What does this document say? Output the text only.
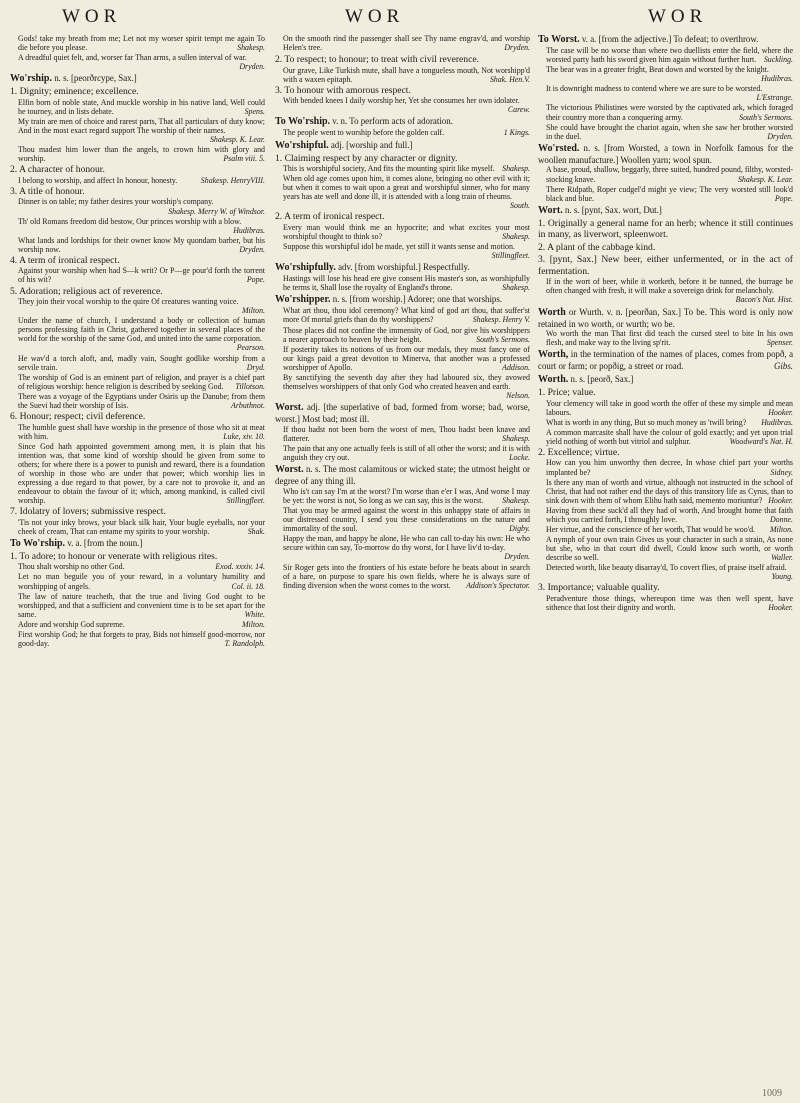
WOR	WOR	WOR
Gods! take my breath from me; Let not my worser spirit tempt me again To die before you please.	Shakesp.
A dreadful quiet felt, and, worser far Than arms, a sullen interval of war.
Dryden.
Wo'rship. n. s. [peorðrcype, Sax.]
1. Dignity; eminence; excellence.
Elfin born of noble state, And muckle worship in his native land, Well could he tourney, and in lists debate.	Spens.
My train are men of choice and rarest parts, That all particulars of duty know; And in the most exact regard support The worship of their names.
Shakesp. K. Lear.
Thou madest him lower than the angels, to crown him with glory and worship.	Psalm viii. 5.
2. A character of honour.
I belong to worship, and affect In honour, honesty.	Shakesp. HenryVIII.
3. A title of honour.
Dinner is on table; my father desires your worship's company.
Shakesp. Merry W. of Windsor.
Th' old Romans freedom did bestow, Our princes worship with a blow.
Hudibras.
What lands and lordships for their owner know My quondam barber, but his worship now.	Dryden.
4. A term of ironical respect.
Against your worship when had S—k writ? Or P—ge pour'd forth the torrent of his wit?	Pope.
5. Adoration; religious act of reverence.
They join their vocal worship to the quire Of creatures wanting voice.
Milton.
Under the name of church, I understand a body or collection of human persons professing faith in Christ, gathered together in several places of the world for the worship of the same God, and united into the same corporation.
Pearson.
He wav'd a torch aloft, and, madly vain, Sought godlike worship from a servile train.	Dryd.
The worship of God is an eminent part of religion, and prayer is a chief part of religious worship: hence religion is described by seeking God. Tillotson.
There was a voyage of the Egyptians under Osiris up the Danube; from them the Suevi had their worship of Isis.	Arbuthnot.
6. Honour; respect; civil deference.
The humble guest shall have worship in the presence of those who sit at meat with him.	Luke, xiv. 10.
Since God hath appointed government among men, it is plain that his intention was, that some kind of worship should be given from some to others; for where there is a power to punish and reward, there is a foundation of worship in those who are under that power; which worship lies in expressing a due regard to that power, by a care not to provoke it, and an endeavour to obtain the favour of it; which, among mankind, is called civil worship.	Stillingfleet.
7. Idolatry of lovers; submissive respect.
'Tis not your inky brows, your black silk hair, Your bugle eyeballs, nor your cheek of cream, That can entame my spirits to your worship.	Shak.
To Wo'rship. v. a. [from the noun.]
1. To adore; to honour or venerate with religious rites.
Thou shalt worship no other God.	Exod. xxxiv. 14.
Let no man beguile you of your reward, in a voluntary humility and worshipping of angels.	Col. ii. 18.
The law of nature teacheth, that the true and living God ought to be worshipped, and that a sufficient and convenient time is to be set apart for the same.	White.
Adore and worship God supreme.	Milton.
First worship God; he that forgets to pray, Bids not himself good-morrow, nor good-day.	T. Randolph.
On the smooth rind the passenger shall see Thy name engrav'd, and worship Helen's tree.	Dryden.
2. To respect; to honour; to treat with civil reverence.
Our grave, Like Turkish mute, shall have a tongueless mouth, Not worshipp'd with a waxen epitaph.	Shak. Hen.V.
3. To honour with amorous respect.
With bended knees I daily worship her, Yet she consumes her own idolater.
Carew.
To Wo'rship. v. n. To perform acts of adoration.
The people went to worship before the golden calf.	1 Kings.
Wo'rshipful. adj. [worship and full.]
1. Claiming respect by any character or dignity.
This is worshipful society, And fits the mounting spirit like myself. Shakesp.
When old age comes upon him, it comes alone, bringing no other evil with it; but when it comes to wait upon a great and worshipful sinner, who for many years has ate well and done ill, it is attended with a long train of rheums.
South.
2. A term of ironical respect.
Every man would think me an hypocrite; and what excites your most worshipful thought to think so?	Shakesp.
Suppose this worshipful idol be made, yet still it wants sense and motion.
Stillingfleet.
Wo'rshipfully. adv. [from worshipful.] Respectfully.
Hastings will lose his head ere give consent His master's son, as worshipfully he terms it, Shall lose the royalty of England's throne.	Shakesp.
Wo'rshipper. n. s. [from worship.] Adorer; one that worships.
What art thou, thou idol ceremony? What kind of god art thou, that suffer'st more Of mortal griefs than do thy worshippers?	Shakesp. Henry V.
Those places did not confine the immensity of God, nor give his worshippers a nearer approach to heaven by their height.	South's Sermons.
If posterity takes its notions of us from our medals, they must fancy one of our kings paid a great devotion to Minerva, that another was a professed worshipper of Apollo.	Addison.
By sanctifying the seventh day after they had laboured six, they avowed themselves worshippers of that only God who created heaven and earth.
Nelson.
Worst. adj. [the superlative of bad, formed from worse; bad, worse, worst.] Most bad; most ill.
If thou hadst not been born the worst of men, Thou hadst been knave and flatterer.	Shakesp.
The pain that any one actually feels is still of all other the worst; and it is with anguish they cry out.	Locke.
Worst. n. s. The most calamitous or wicked state; the utmost height or degree of any thing ill.
Who is't can say I'm at the worst? I'm worse than e'er I was, And worse I may be yet: the worst is not, So long as we can say, this is the worst. Shakesp.
That you may be armed against the worst in this unhappy state of affairs in our distressed country, I send you these considerations on the nature and immortality of the soul.	Digby.
Happy the man, and happy he alone, He who can call to-day his own: He who secure within can say, To-morrow do thy worst, for I have liv'd to-day.
Dryden.
Sir Roger gets into the frontiers of his estate before he beats about in search of a hare, on purpose to spare his own fields, where he is always sure of finding diversion when the worst comes to the worst. Addison's Spectator.
To Worst. v. a. [from the adjective.] To defeat; to overthrow.
The case will be no worse than where two duellists enter the field, where the worsted party hath his sword given him again without further hurt. Suckling.
The bear was in a greater fright, Beat down and worsted by the knight.
Hudibras.
It is downright madness to contend where we are sure to be worsted.
L'Estrange.
The victorious Philistines were worsted by the captivated ark, which foraged their country more than a conquering army.	South's Sermons.
She could have brought the chariot again, when she saw her brother worsted in the duel.	Dryden.
Wo'rsted. n. s. [from Worsted, a town in Norfolk famous for the woollen manufacture.] Woollen yarn; wool spun.
A base, proud, shallow, beggarly, three suited, hundred pound, filthy, worsted-stocking knave.	Shakesp. K. Lear.
There Ridpath, Roper cudgel'd might ye view; The very worsted still look'd black and blue.	Pope.
Wort. n. s. [pynt, Sax. wort, Dut.]
1. Originally a general name for an herb; whence it still continues in many, as liverwort, spleenwort.
2. A plant of the cabbage kind.
3. [pynt, Sax.] New beer, either unfermented, or in the act of fermentation.
If in the wort of beer, while it worketh, before it be tunned, the burrage be often changed with fresh, it will make a sovereign drink for melancholy.
Bacon's Nat. Hist.
Worth or Wurth. v. n. [peorðan, Sax.] To be. This word is only now retained in wo worth, or wurth; wo be.
Wo worth the man That first did teach the cursed steel to bite In his own flesh, and make way to the living sp'rit.	Spenser.
Worth, in the termination of the names of places, comes from popð, a court or farm; or popðig, a street or road.	Gibs.
Worth. n. s. [peorð, Sax.]
1. Price; value.
Your clemency will take in good worth the offer of these my simple and mean labours.	Hooker.
What is worth in any thing, But so much money as 'twill bring? Hudibras.
A common marcasite shall have the colour of gold exactly; and yet upon trial yield nothing of worth but vitriol and sulphur.	Woodward's Nat. H.
2. Excellence; virtue.
How can you him unworthy then decree, In whose chief part your worths implanted be?	Sidney.
Is there any man of worth and virtue, although not instructed in the school of Christ, that had not rather end the days of this transitory life as Cyrus, than to sink down with them of whom Elihu hath said, memento moriuntur? Hooker.
Having from these suck'd all they had of worth, And brought home that faith which you carried forth, I throughly love.	Donne.
Her virtue, and the conscience of her worth, That would be woo'd. Milton.
A nymph of your own train Gives us your character in such a strain, As none but she, who in that court did dwell, Could know such worth, or worth describe so well.	Waller.
Detected worth, like beauty disarray'd, To covert flies, of praise itself afraid.
Young.
3. Importance; valuable quality.
Peradventure those things, whereupon time was then well spent, have sithence that lost their dignity and worth.	Hooker.
1009
